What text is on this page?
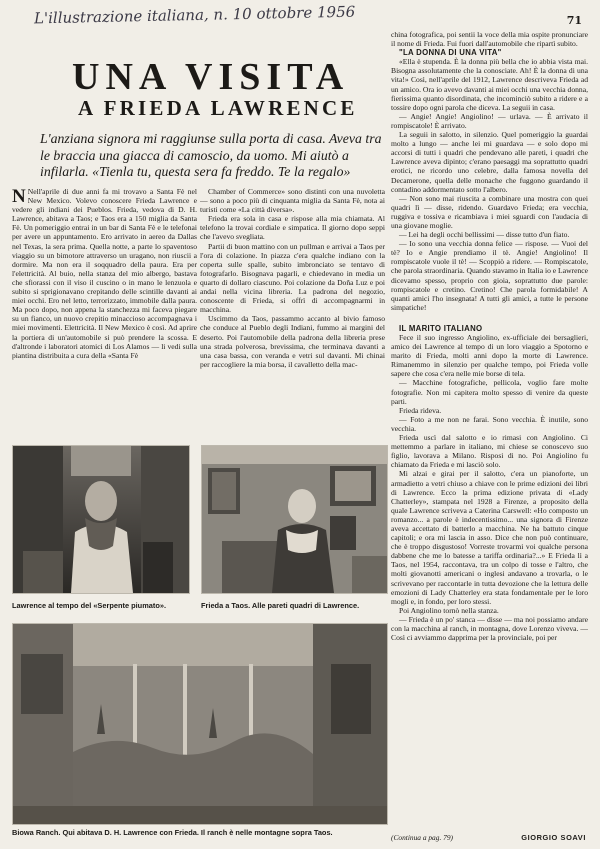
L'illustrazione italiana, n. 10 ottobre 1956	71
UNA VISITA
A FRIEDA LAWRENCE
L'anziana signora mi raggiunse sulla porta di casa. Aveva tra le braccia una giacca di camoscio, da uomo. Mi aiutò a infilarla. «Tienla tu, questa sera fa freddo. Te la regalo»

N Nell'aprile di due anni fa mi trovavo a Santa Fè nel New Mexico. Volevo conoscere Frieda Lawrence e vedere gli indiani dei Pueblos. Frieda, vedova di D. H. Lawrence, abitava a Taos; e Taos era a 150 miglia da Santa Fè. Un pomeriggio entrai in un bar di Santa Fè e le telefonai per avere un appuntamento. Ero arrivato in aereo da Dallas nel Texas, la sera prima. Quella notte, a parte lo spaventoso viaggio su un bimotore attraverso un uragano, non riuscii a dormire. Ma non era il soqquadro della paura. Era per l'elettricità. Al buio, nella stanza del mio albergo, bastava che sfiorassi con il viso il cuscino o in mano le lenzuola e subito si sprigionavano crepitando delle scintille davanti ai miei occhi. Ero nel letto, terrorizzato, immobile dalla paura. Ma poco dopo, non appena la stanchezza mi faceva piegare su un fianco, un nuovo crepitio minaccioso accompagnava i miei movimenti. Elettricità. Il New Mexico è così. Ad aprire la portiera di un'automobile si può prendere la scossa. E d'altronde i laboratori atomici di Los Alamos — li vedi sulla piantina distribuita a cura della «Santa Fè

Chamber of Commerce» sono distinti con una nuvoletta — sono a poco più di cinquanta miglia da Santa Fè, nota ai turisti come «La città diversa».

Frieda era sola in casa e rispose alla mia chiamata. Al telefono la trovai cordiale e simpatica. Il giorno dopo seppi che l'avevo svegliata.

Partii di buon mattino con un pullman e arrivai a Taos per l'ora di colazione. In piazza c'era qualche indiano con la coperta sulle spalle, subito imbronciato se tentavo di fotografarlo. Bisognava pagarli, e chiedevano in media un quarto di dollaro ciascuno. Poi colazione da Doña Luz e poi andai nella vicina libreria. La padrona del negozio, conoscente di Frieda, si offrì di accompagnarmi in macchina.

Uscimmo da Taos, passammo accanto al bivio famoso che conduce al Pueblo degli Indiani, fummo ai margini del deserto. Poi l'automobile della padrona della libreria prese una strada polverosa, brevissima, che terminava davanti a una casa bassa, con veranda e vetri sul davanti. Mi chinai per raccogliere la mia borsa, il cavalletto della mac-

china fotografica, poi sentii la voce della mia ospite pronunciare il nome di Frieda. Fui fuori dall'automobile che ripartì subito.

"LA DONNA DI UNA VITA"

«Ella è stupenda. È la donna più bella che io abbia vista mai. Bisogna assolutamente che la conosciate. Ah! È la donna di una vita!» Così, nell'aprile del 1912, Lawrence descriveva Frieda ad un amico. Ora io avevo davanti ai miei occhi una vecchia donna, fierissima quanto disordinata, che incominciò subito a ridere e a tossire dopo ogni parola che diceva. La seguii in casa.

— Angie! Angie! Angiolino! — urlava. — È arrivato il rompiscatole! È arrivato.

La seguii in salotto, in silenzio. Quel pomeriggio la guardai molto a lungo — anche lei mi guardava — e solo dopo mi accorsi di tutti i quadri che pendevano alle pareti, i quadri che Lawrence aveva dipinto; c'erano paesaggi ma soprattutto quadri erotici, ne ricordo uno celebre, dalla famosa novella del Decamerone, quella delle monache che fuggono guardando il contadino addormentato sotto l'albero.

— Non sono mai riuscita a combinare una mostra con quei quadri lì — disse, ridendo. Guardavo Frieda; era vecchia, ruggiva e tossiva e ricambiava i miei sguardi con l'audacia di una giovane moglie.

— Lei ha degli occhi bellissimi — disse tutto d'un fiato.

— Io sono una vecchia donna felice — rispose. — Vuoi del tè? Io e Angie prendiamo il tè. Angie! Angiolino! Il rompiscatole vuole il tè! — Scoppiò a ridere. — Rompiscatole, che parola straordinaria. Quando stavamo in Italia io e Lawrence dicevamo spesso, proprio con gioia, soprattutto due parole: rompiscatole e cretino. Cretino! Che parola formidabile! A quanti amici l'ho insegnata! A tutti gli amici, a tutte le persone simpatiche!

IL MARITO ITALIANO

Fece il suo ingresso Angiolino, ex-ufficiale dei bersaglieri, amico dei Lawrence al tempo di un loro viaggio a Spotorno e marito di Frieda, molti anni dopo la morte di Lawrence. Rimanemmo in silenzio per qualche tempo, poi Frieda volle sapere che cosa c'era nelle mie borse di tela.

— Macchine fotografiche, pellicola, voglio fare molte fotografie. Non mi capitera molto spesso di venire da queste parti.

Frieda rideva.

— Foto a me non ne farai. Sono vecchia. È inutile, sono vecchia.

Frieda uscì dal salotto e io rimasi con Angiolino. Ci mettemmo a parlare in italiano, mi chiese se conoscevo suo figlio, lavorava a Milano. Risposi di no. Poi Angiolino fu chiamato da Frieda e mi lasciò solo.

Mi alzai e girai per il salotto, c'era un pianoforte, un armadietto a vetri chiuso a chiave con le prime edizioni dei libri di Lawrence. Ecco la prima edizione privata di «Lady Chatterley», stampata nel 1928 a Firenze, a proposito della quale Lawrence scriveva a Caterina Carswell: «Ho composto un romanzo... a parole è indecentissimo... una signora di Firenze aveva accettato di batterlo a macchina. Ne ha battuto cinque capitoli; e ora mi lascia in asso. Dice che non può continuare, che è troppo disgustoso! Vorreste trovarmi voi qualche persona dabbene che me lo batesse a tariffa ordinaria?...» E Frieda lì a Taos, nel 1954, raccontava, tra un colpo di tosse e l'altro, che molti giovanotti americani o inglesi andavano a trovarla, o le scrivevano per raccontarle in tutta devozione che la lettura delle emozioni di Lady Chatterley era stata fondamentale per le loro mogli e, in fondo, per loro stessi.

Poi Angiolino tornò nella stanza.

— Frieda è un po' stanca — disse — ma noi possiamo andare con la macchina al ranch, in montagna, dove Lorenzo viveva. — Così ci avviammo dapprima per la provinciale, poi per

(Continua a pag. 79)	GIORGIO SOAVI
Lawrence al tempo del «Serpente piumato».	Frieda a Taos. Alle pareti quadri di Lawrence.
Biowa Ranch. Qui abitava D. H. Lawrence con Frieda. Il ranch è nelle montagne sopra Taos.
